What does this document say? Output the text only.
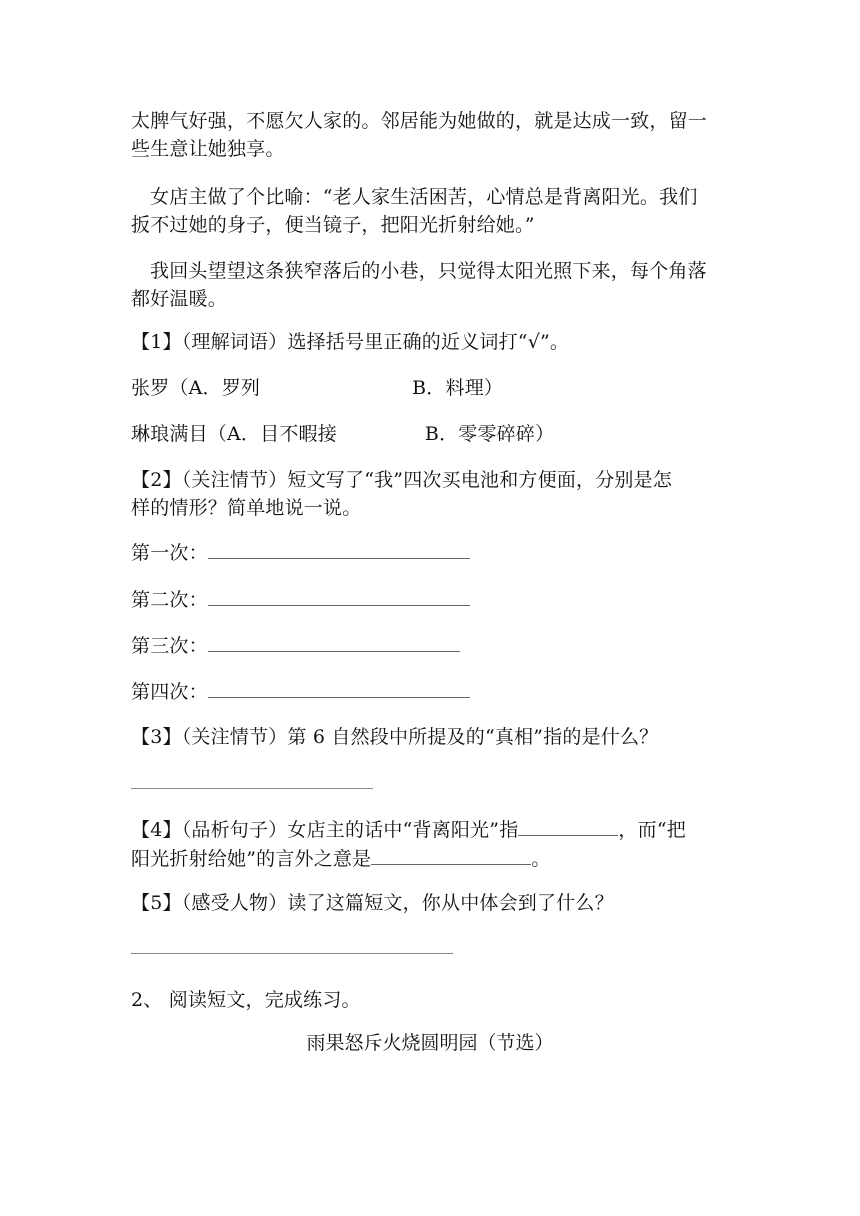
太脾气好强，不愿欠人家的。邻居能为她做的，就是达成一致，留一
些生意让她独享。
女店主做了个比喻：“老人家生活困苦，心情总是背离阳光。我们
扳不过她的身子，便当镜子，把阳光折射给她。”
我回头望望这条狭窄落后的小巷，只觉得太阳光照下来，每个角落
都好温暖。
【1】（理解词语）选择括号里正确的近义词打“√”。
张罗（A．罗列	B．料理）
琳琅满目（A．目不暇接	B．零零碎碎）
【2】（关注情节）短文写了“我”四次买电池和方便面，分别是怎
样的情形？简单地说一说。
第一次：
第二次：
第三次：
第四次：
【3】（关注情节）第 6 自然段中所提及的“真相”指的是什么？
【4】（品析句子）女店主的话中“背离阳光”指	，而“把
阳光折射给她”的言外之意是	。
【5】（感受人物）读了这篇短文，你从中体会到了什么？
2、 阅读短文，完成练习。
雨果怒斥火烧圆明园（节选）
